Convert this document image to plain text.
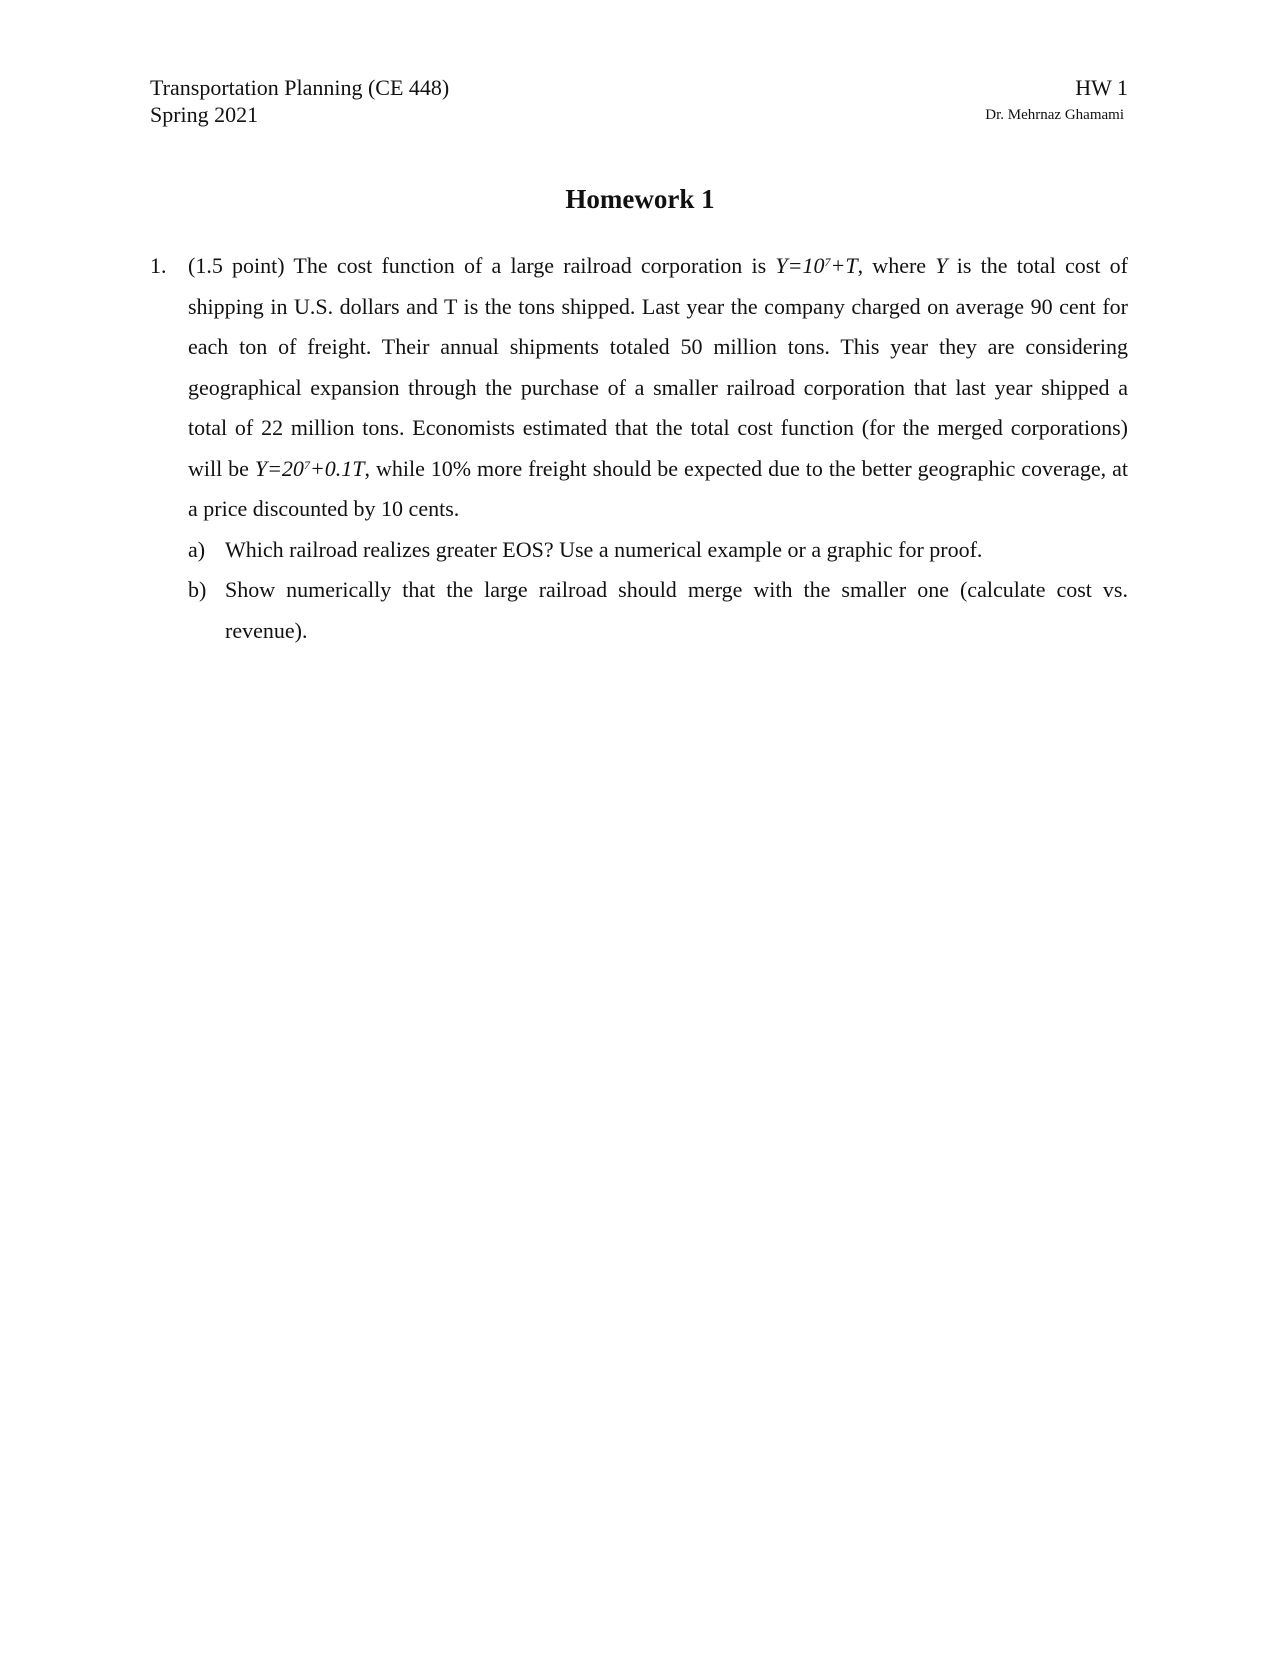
Transportation Planning (CE 448)
Spring 2021
HW 1
Dr. Mehrnaz Ghamami
Homework 1
1. (1.5 point) The cost function of a large railroad corporation is $Y=10^7+T$, where Y is the total cost of shipping in U.S. dollars and T is the tons shipped. Last year the company charged on average 90 cent for each ton of freight. Their annual shipments totaled 50 million tons. This year they are considering geographical expansion through the purchase of a smaller railroad corporation that last year shipped a total of 22 million tons. Economists estimated that the total cost function (for the merged corporations) will be $Y=20^7+0.1T$, while 10% more freight should be expected due to the better geographic coverage, at a price discounted by 10 cents.
a) Which railroad realizes greater EOS? Use a numerical example or a graphic for proof.
b) Show numerically that the large railroad should merge with the smaller one (calculate cost vs. revenue).
